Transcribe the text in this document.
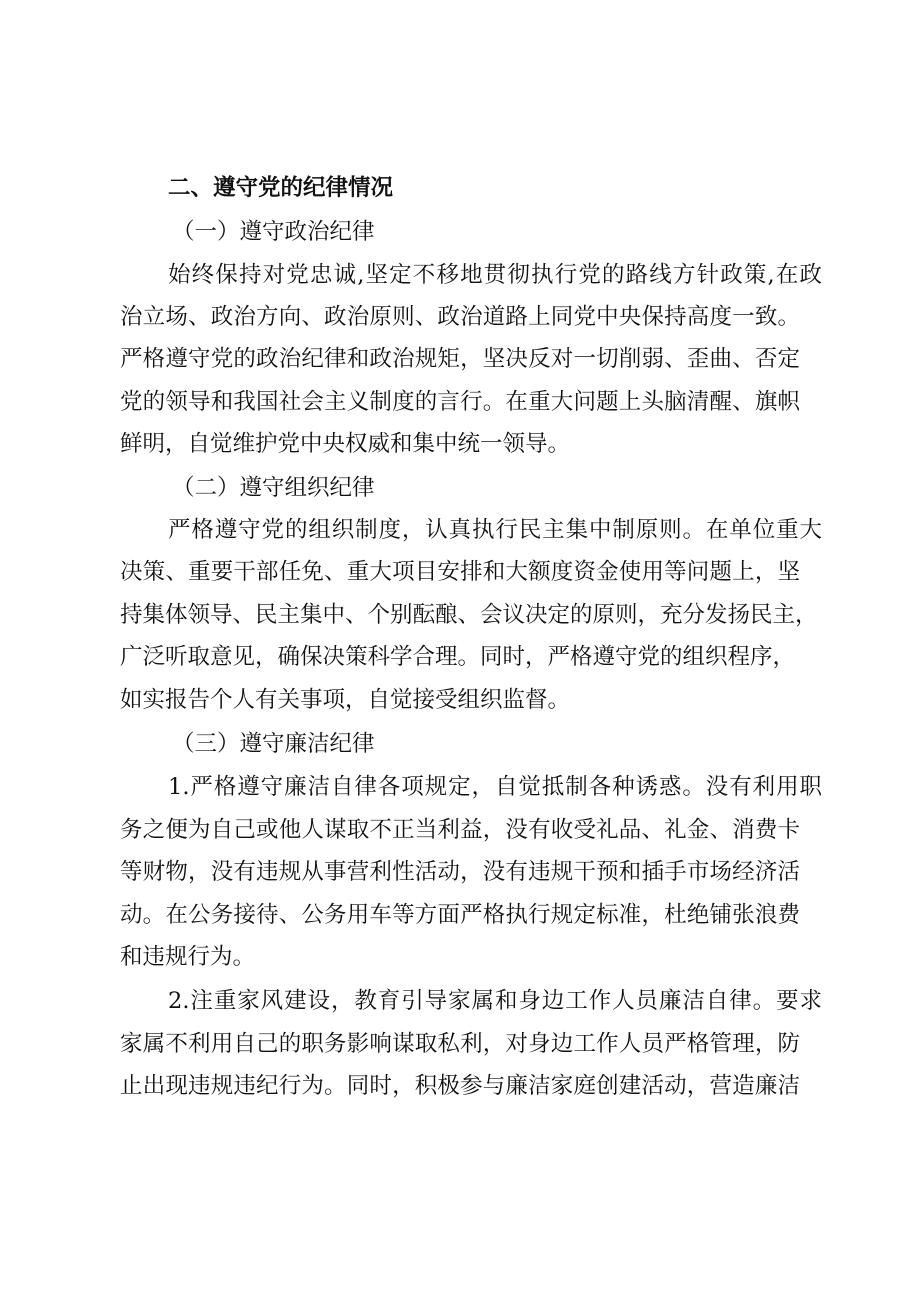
二、遵守党的纪律情况
（一）遵守政治纪律
始终保持对党忠诚,坚定不移地贯彻执行党的路线方针政策,在政
治立场、政治方向、政治原则、政治道路上同党中央保持高度一致。
严格遵守党的政治纪律和政治规矩，坚决反对一切削弱、歪曲、否定
党的领导和我国社会主义制度的言行。在重大问题上头脑清醒、旗帜
鲜明，自觉维护党中央权威和集中统一领导。
（二）遵守组织纪律
严格遵守党的组织制度，认真执行民主集中制原则。在单位重大
决策、重要干部任免、重大项目安排和大额度资金使用等问题上，坚
持集体领导、民主集中、个别酝酿、会议决定的原则，充分发扬民主，
广泛听取意见，确保决策科学合理。同时，严格遵守党的组织程序，
如实报告个人有关事项，自觉接受组织监督。
（三）遵守廉洁纪律
1.严格遵守廉洁自律各项规定，自觉抵制各种诱惑。没有利用职
务之便为自己或他人谋取不正当利益，没有收受礼品、礼金、消费卡
等财物，没有违规从事营利性活动，没有违规干预和插手市场经济活
动。在公务接待、公务用车等方面严格执行规定标准，杜绝铺张浪费
和违规行为。
2.注重家风建设，教育引导家属和身边工作人员廉洁自律。要求
家属不利用自己的职务影响谋取私利，对身边工作人员严格管理，防
止出现违规违纪行为。同时，积极参与廉洁家庭创建活动，营造廉洁
